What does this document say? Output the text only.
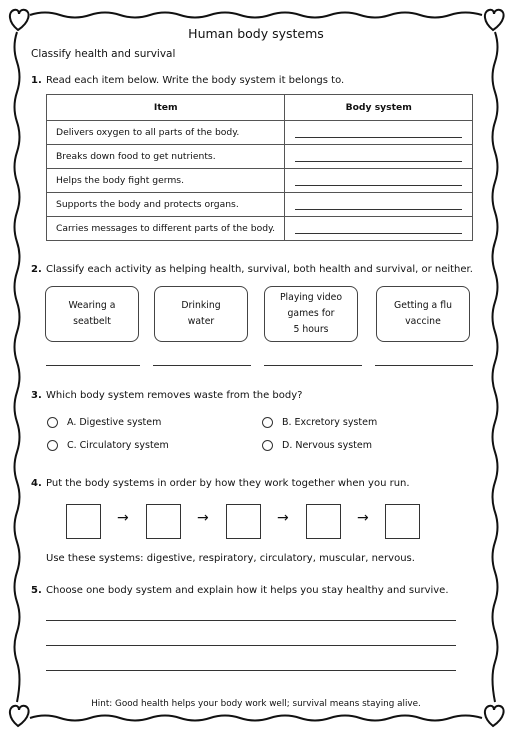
Human body systems
Classify health and survival
1. Read each item below. Write the body system it belongs to.
Item	Body system
Delivers oxygen to all parts of the body.	

Breaks down food to get nutrients.	

Helps the body fight germs.	

Supports the body and protects organs.	

Carries messages to different parts of the body.	
2. Classify each activity as helping health, survival, both health and survival, or neither.
Wearing a
seatbelt
Drinking
water
Playing video
games for
5 hours
Getting a flu
vaccine
3. Which body system removes waste from the body?
A. Digestive system	B. Excretory system
C. Circulatory system	D. Nervous system
4. Put the body systems in order by how they work together when you run.
→	→	→	→
Use these systems: digestive, respiratory, circulatory, muscular, nervous.
5. Choose one body system and explain how it helps you stay healthy and survive.
Hint: Good health helps your body work well; survival means staying alive.
